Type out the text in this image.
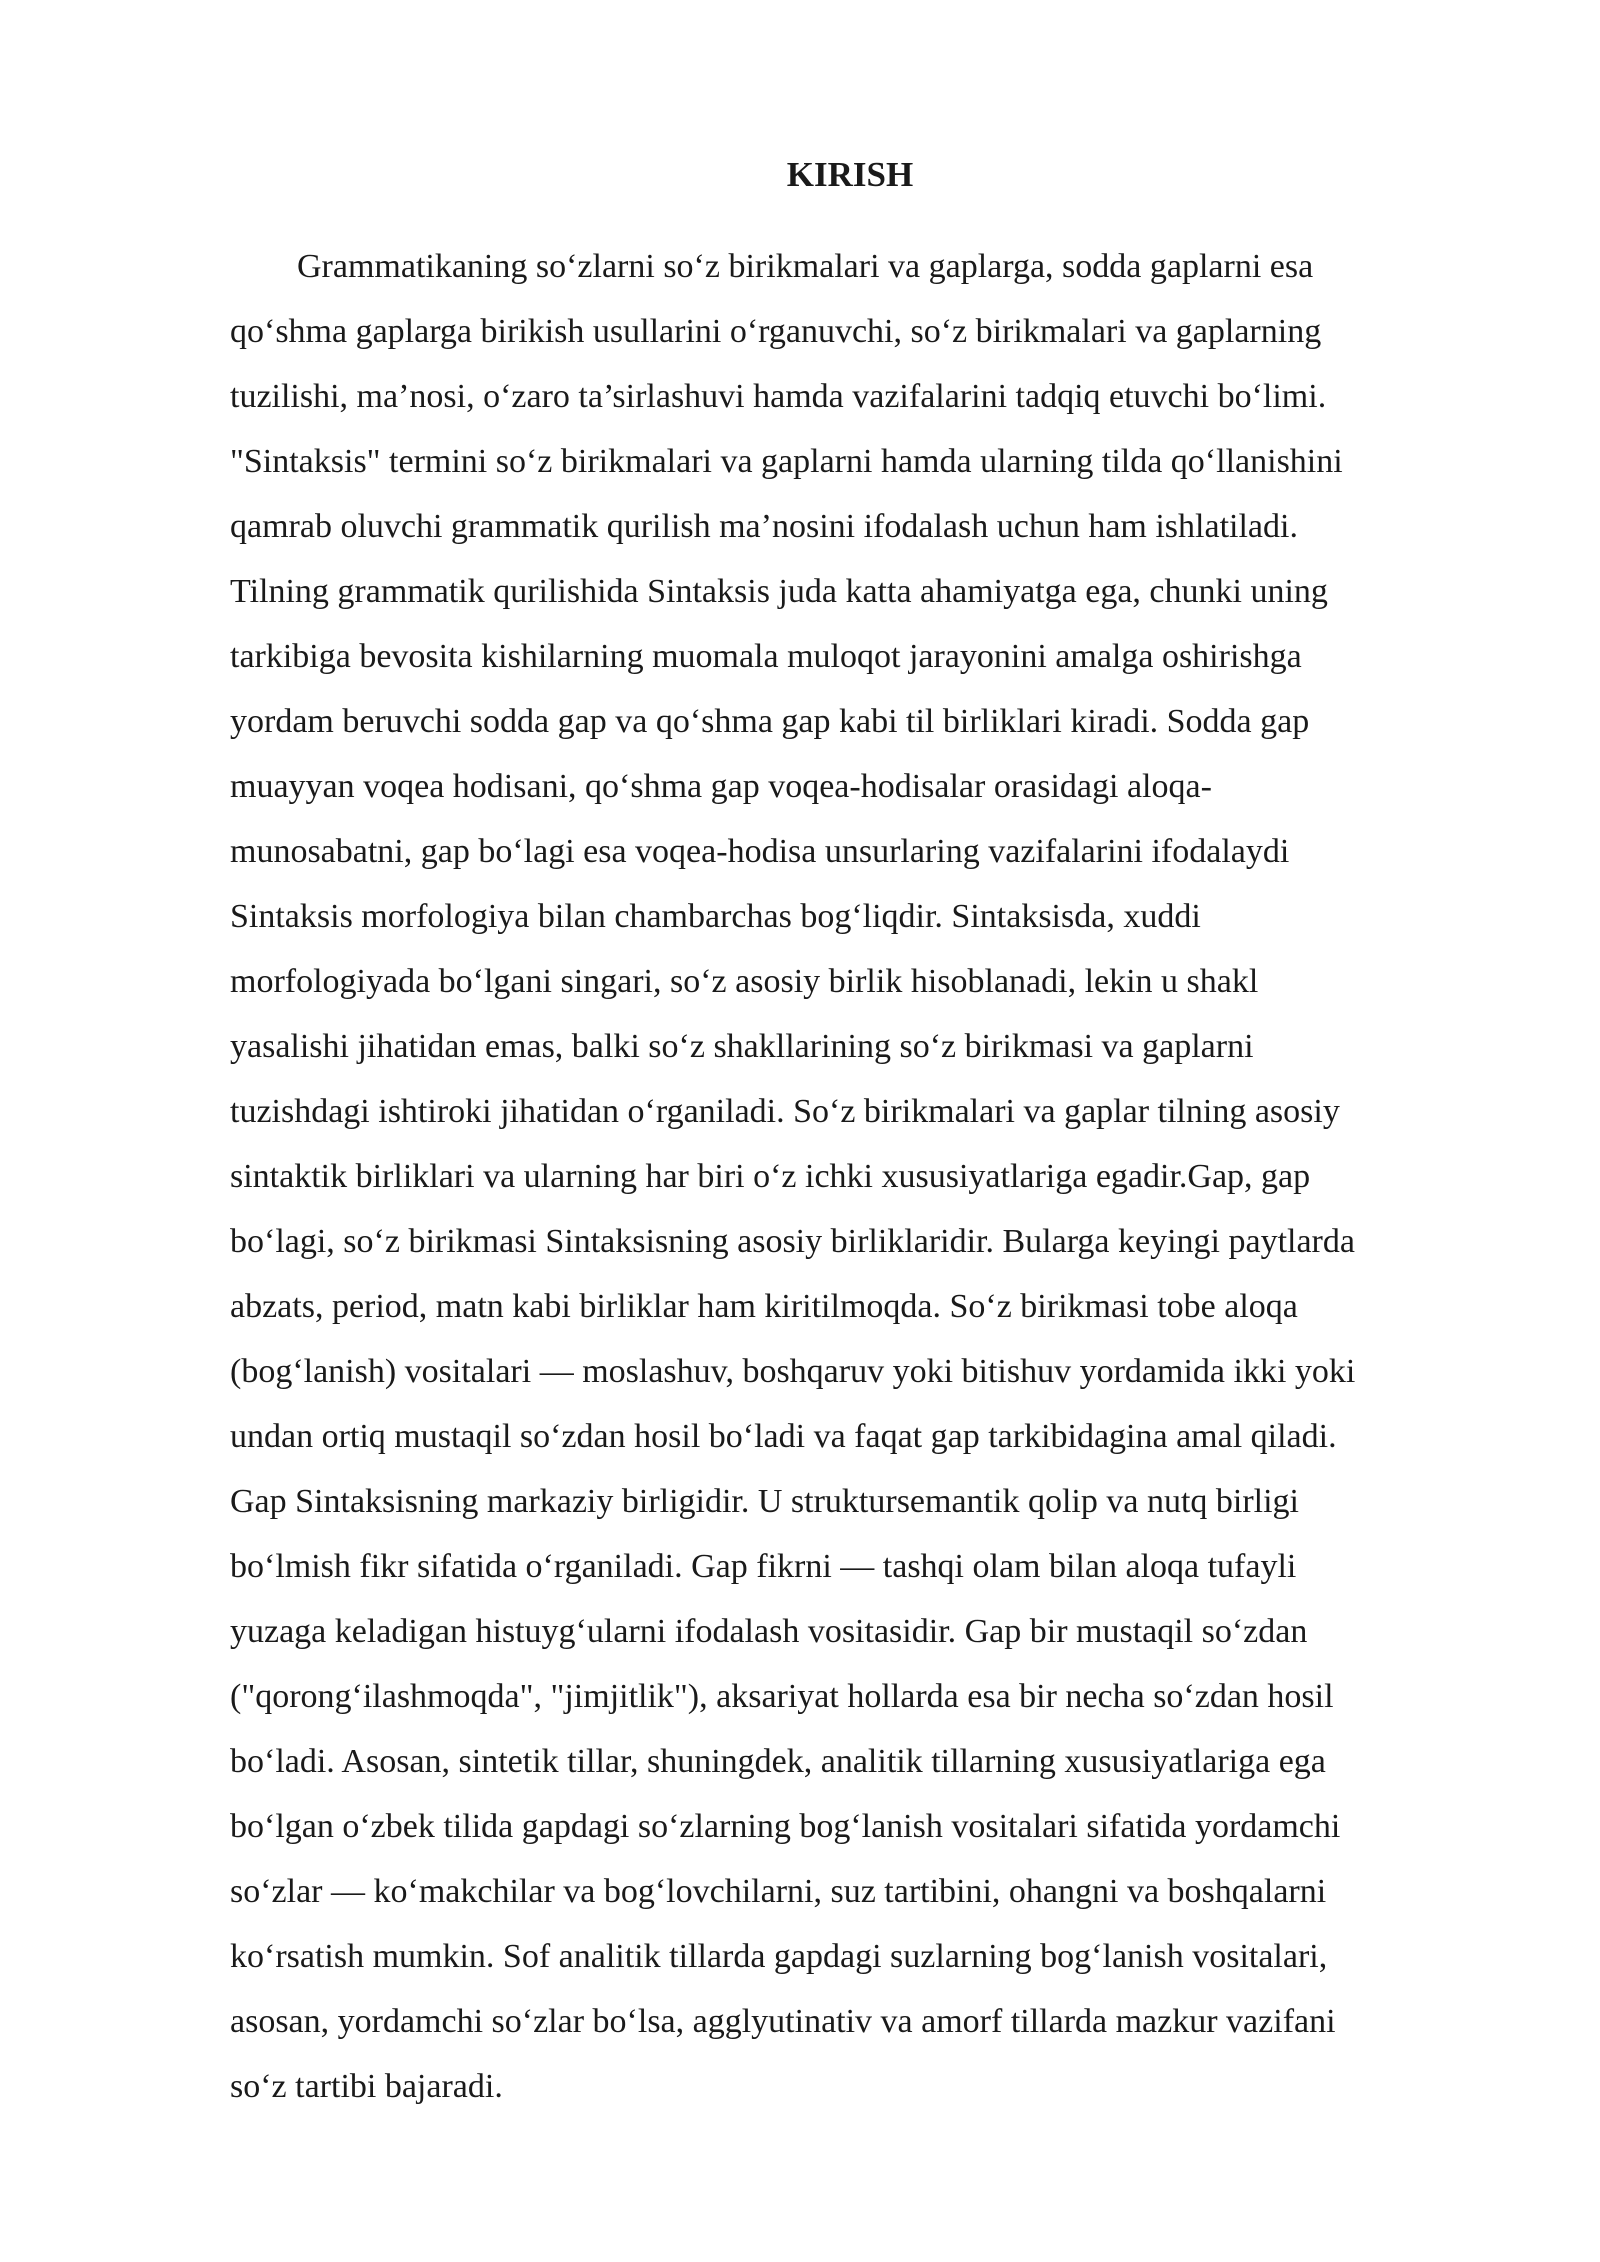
KIRISH
Grammatikaning so‘zlarni so‘z birikmalari va gaplarga, sodda gaplarni esa
qo‘shma gaplarga birikish usullarini o‘rganuvchi, so‘z birikmalari va gaplarning
tuzilishi, ma’nosi, o‘zaro ta’sirlashuvi hamda vazifalarini tadqiq etuvchi bo‘limi.
"Sintaksis" termini so‘z birikmalari va gaplarni hamda ularning tilda qo‘llanishini
qamrab oluvchi grammatik qurilish ma’nosini ifodalash uchun ham ishlatiladi.
Tilning grammatik qurilishida Sintaksis juda katta ahamiyatga ega, chunki uning
tarkibiga bevosita kishilarning muomala muloqot jarayonini amalga oshirishga
yordam beruvchi sodda gap va qo‘shma gap kabi til birliklari kiradi. Sodda gap
muayyan voqea hodisani, qo‘shma gap voqea-hodisalar orasidagi aloqa-
munosabatni, gap bo‘lagi esa voqea-hodisa unsurlaring vazifalarini ifodalaydi
Sintaksis morfologiya bilan chambarchas bog‘liqdir. Sintaksisda, xuddi
morfologiyada bo‘lgani singari, so‘z asosiy birlik hisoblanadi, lekin u shakl
yasalishi jihatidan emas, balki so‘z shakllarining so‘z birikmasi va gaplarni
tuzishdagi ishtiroki jihatidan o‘rganiladi. So‘z birikmalari va gaplar tilning asosiy
sintaktik birliklari va ularning har biri o‘z ichki xususiyatlariga egadir.Gap, gap
bo‘lagi, so‘z birikmasi Sintaksisning asosiy birliklaridir. Bularga keyingi paytlarda
abzats, period, matn kabi birliklar ham kiritilmoqda. So‘z birikmasi tobe aloqa
(bog‘lanish) vositalari — moslashuv, boshqaruv yoki bitishuv yordamida ikki yoki
undan ortiq mustaqil so‘zdan hosil bo‘ladi va faqat gap tarkibidagina amal qiladi.
Gap Sintaksisning markaziy birligidir. U struktursemantik qolip va nutq birligi
bo‘lmish fikr sifatida o‘rganiladi. Gap fikrni — tashqi olam bilan aloqa tufayli
yuzaga keladigan histuyg‘ularni ifodalash vositasidir. Gap bir mustaqil so‘zdan
("qorong‘ilashmoqda", "jimjitlik"), aksariyat hollarda esa bir necha so‘zdan hosil
bo‘ladi. Asosan, sintetik tillar, shuningdek, analitik tillarning xususiyatlariga ega
bo‘lgan o‘zbek tilida gapdagi so‘zlarning bog‘lanish vositalari sifatida yordamchi
so‘zlar — ko‘makchilar va bog‘lovchilarni, suz tartibini, ohangni va boshqalarni
ko‘rsatish mumkin. Sof analitik tillarda gapdagi suzlarning bog‘lanish vositalari,
asosan, yordamchi so‘zlar bo‘lsa, agglyutinativ va amorf tillarda mazkur vazifani
so‘z tartibi bajaradi.
